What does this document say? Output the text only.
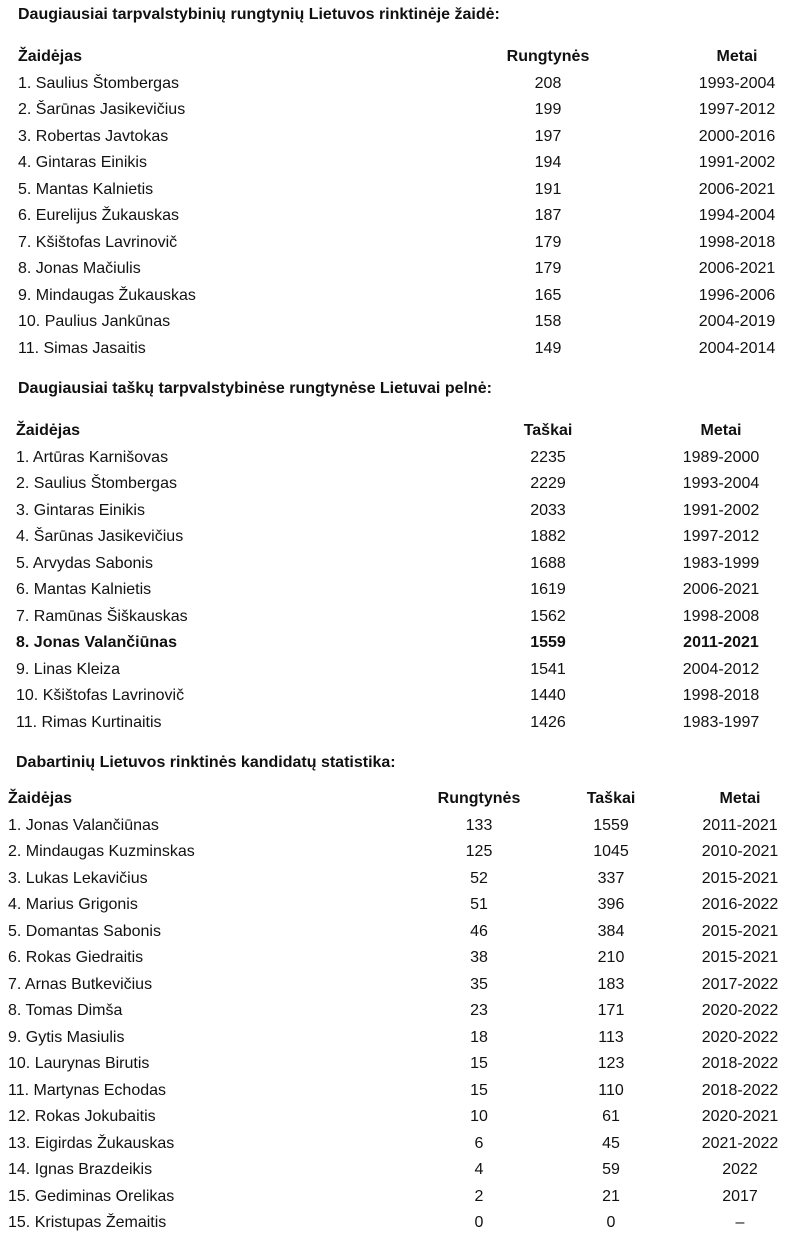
Daugiausiai tarpvalstybinių rungtynių Lietuvos rinktinėje žaidė:
Žaidėjas	Rungtynės	Metai
1. Saulius Štombergas	208	1993-2004
2. Šarūnas Jasikevičius	199	1997-2012
3. Robertas Javtokas	197	2000-2016
4. Gintaras Einikis	194	1991-2002
5. Mantas Kalnietis	191	2006-2021
6. Eurelijus Žukauskas	187	1994-2004
7. Kšištofas Lavrinovič	179	1998-2018
8. Jonas Mačiulis	179	2006-2021
9. Mindaugas Žukauskas	165	1996-2006
10. Paulius Jankūnas	158	2004-2019
11. Simas Jasaitis	149	2004-2014
Daugiausiai taškų tarpvalstybinėse rungtynėse Lietuvai pelnė:
Žaidėjas	Taškai	Metai
1. Artūras Karnišovas	2235	1989-2000
2. Saulius Štombergas	2229	1993-2004
3. Gintaras Einikis	2033	1991-2002
4. Šarūnas Jasikevičius	1882	1997-2012
5. Arvydas Sabonis	1688	1983-1999
6. Mantas Kalnietis	1619	2006-2021
7. Ramūnas Šiškauskas	1562	1998-2008
8. Jonas Valančiūnas	1559	2011-2021
9. Linas Kleiza	1541	2004-2012
10. Kšištofas Lavrinovič	1440	1998-2018
11. Rimas Kurtinaitis	1426	1983-1997
Dabartinių Lietuvos rinktinės kandidatų statistika:
Žaidėjas	Rungtynės	Taškai	Metai
1. Jonas Valančiūnas	133	1559	2011-2021
2. Mindaugas Kuzminskas	125	1045	2010-2021
3. Lukas Lekavičius	52	337	2015-2021
4. Marius Grigonis	51	396	2016-2022
5. Domantas Sabonis	46	384	2015-2021
6. Rokas Giedraitis	38	210	2015-2021
7. Arnas Butkevičius	35	183	2017-2022
8. Tomas Dimša	23	171	2020-2022
9. Gytis Masiulis	18	113	2020-2022
10. Laurynas Birutis	15	123	2018-2022
11. Martynas Echodas	15	110	2018-2022
12. Rokas Jokubaitis	10	61	2020-2021
13. Eigirdas Žukauskas	6	45	2021-2022
14. Ignas Brazdeikis	4	59	2022
15. Gediminas Orelikas	2	21	2017
15. Kristupas Žemaitis	0	0	–
